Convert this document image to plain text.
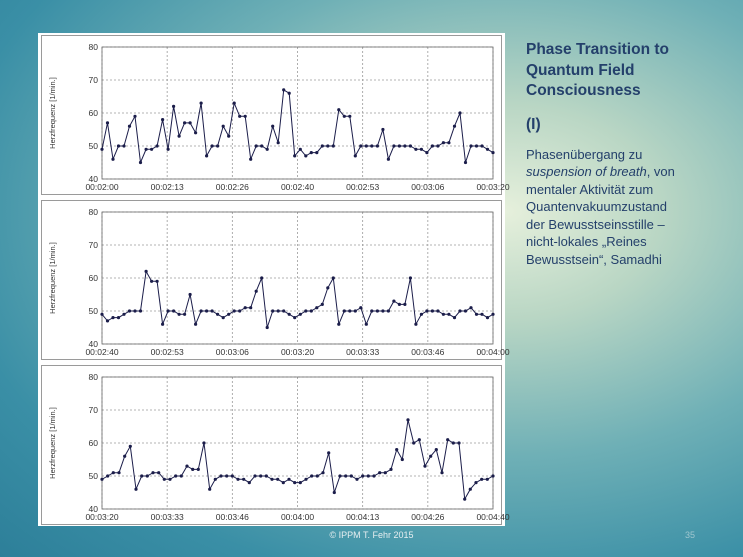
40
50
60
70
80
00:02:00	00:02:13	00:02:26	00:02:40	00:02:53	00:03:06	00:03:20
Herzfrequenz [1/min.]
40
50
60
70
80
00:02:40	00:02:53	00:03:06	00:03:20	00:03:33	00:03:46	00:04:00
Herzfrequenz [1/min.]
40
50
60
70
80
00:03:20	00:03:33	00:03:46	00:04:00	00:04:13	00:04:26	00:04:40
Herzfrequenz [1/min.]
Phase Transition to
Quantum Field
Consciousness
(I)

Phasenübergang zu
suspension of breath, von
mentaler Aktivität zum
Quantenvakuumzustand
der Bewusstseinsstille –
nicht-lokales „Reines
Bewusstsein“, Samadhi

© IPPM T. Fehr 2015	35
